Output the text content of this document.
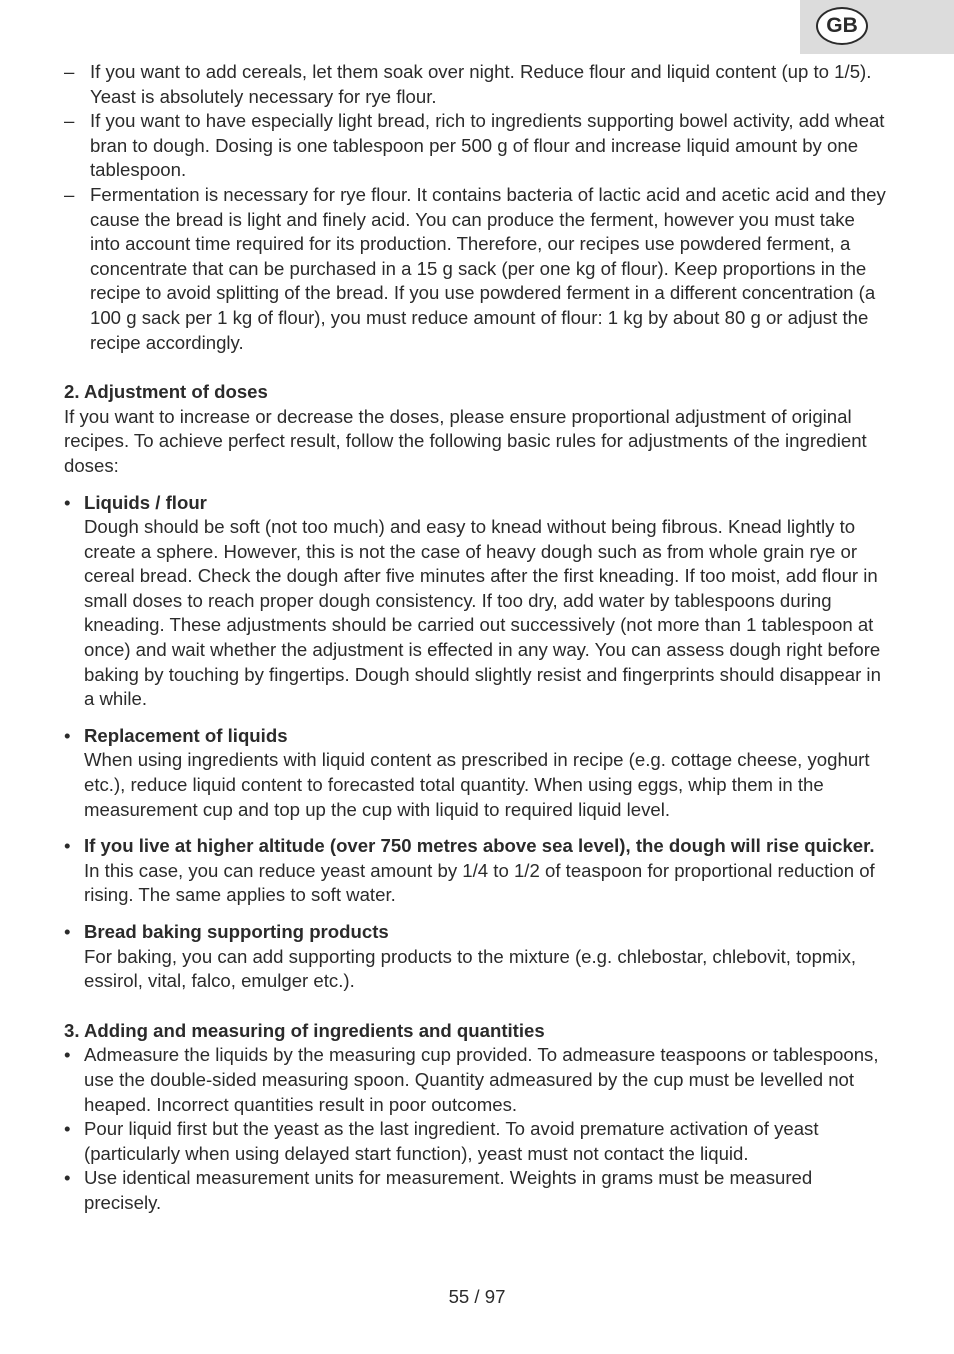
GB
– If you want to add cereals, let them soak over night. Reduce flour and liquid content (up to 1/5). Yeast is absolutely necessary for rye flour.
– If you want to have especially light bread, rich to ingredients supporting bowel activity, add wheat bran to dough. Dosing is one tablespoon per 500 g of flour and increase liquid amount by one tablespoon.
– Fermentation is necessary for rye flour. It contains bacteria of lactic acid and acetic acid and they cause the bread is light and finely acid. You can produce the ferment, however you must take into account time required for its production. Therefore, our recipes use powdered ferment, a concentrate that can be purchased in a 15 g sack (per one kg of flour). Keep proportions in the recipe to avoid splitting of the bread. If you use powdered ferment in a different concentration (a 100 g sack per 1 kg of flour), you must reduce amount of flour: 1 kg by about 80 g or adjust the recipe accordingly.
2. Adjustment of doses

If you want to increase or decrease the doses, please ensure proportional adjustment of original recipes. To achieve perfect result, follow the following basic rules for adjustments of the ingredient doses:

• Liquids / flour
Dough should be soft (not too much) and easy to knead without being fibrous. Knead lightly to create a sphere. However, this is not the case of heavy dough such as from whole grain rye or cereal bread. Check the dough after five minutes after the first kneading. If too moist, add flour in small doses to reach proper dough consistency. If too dry, add water by tablespoons during kneading. These adjustments should be carried out successively (not more than 1 tablespoon at once) and wait whether the adjustment is effected in any way. You can assess dough right before baking by touching by fingertips. Dough should slightly resist and fingerprints should disappear in a while.
• Replacement of liquids
When using ingredients with liquid content as prescribed in recipe (e.g. cottage cheese, yoghurt etc.), reduce liquid content to forecasted total quantity. When using eggs, whip them in the measurement cup and top up the cup with liquid to required liquid level.
• If you live at higher altitude (over 750 metres above sea level), the dough will rise quicker. In this case, you can reduce yeast amount by 1/4 to 1/2 of teaspoon for proportional reduction of rising. The same applies to soft water.
• Bread baking supporting products
For baking, you can add supporting products to the mixture (e.g. chlebostar, chlebovit, topmix, essirol, vital, falco, emulger etc.).
3. Adding and measuring of ingredients and quantities
• Admeasure the liquids by the measuring cup provided. To admeasure teaspoons or tablespoons, use the double-sided measuring spoon. Quantity admeasured by the cup must be levelled not heaped. Incorrect quantities result in poor outcomes.
• Pour liquid first but the yeast as the last ingredient. To avoid premature activation of yeast (particularly when using delayed start function), yeast must not contact the liquid.
• Use identical measurement units for measurement. Weights in grams must be measured precisely.
55 / 97
